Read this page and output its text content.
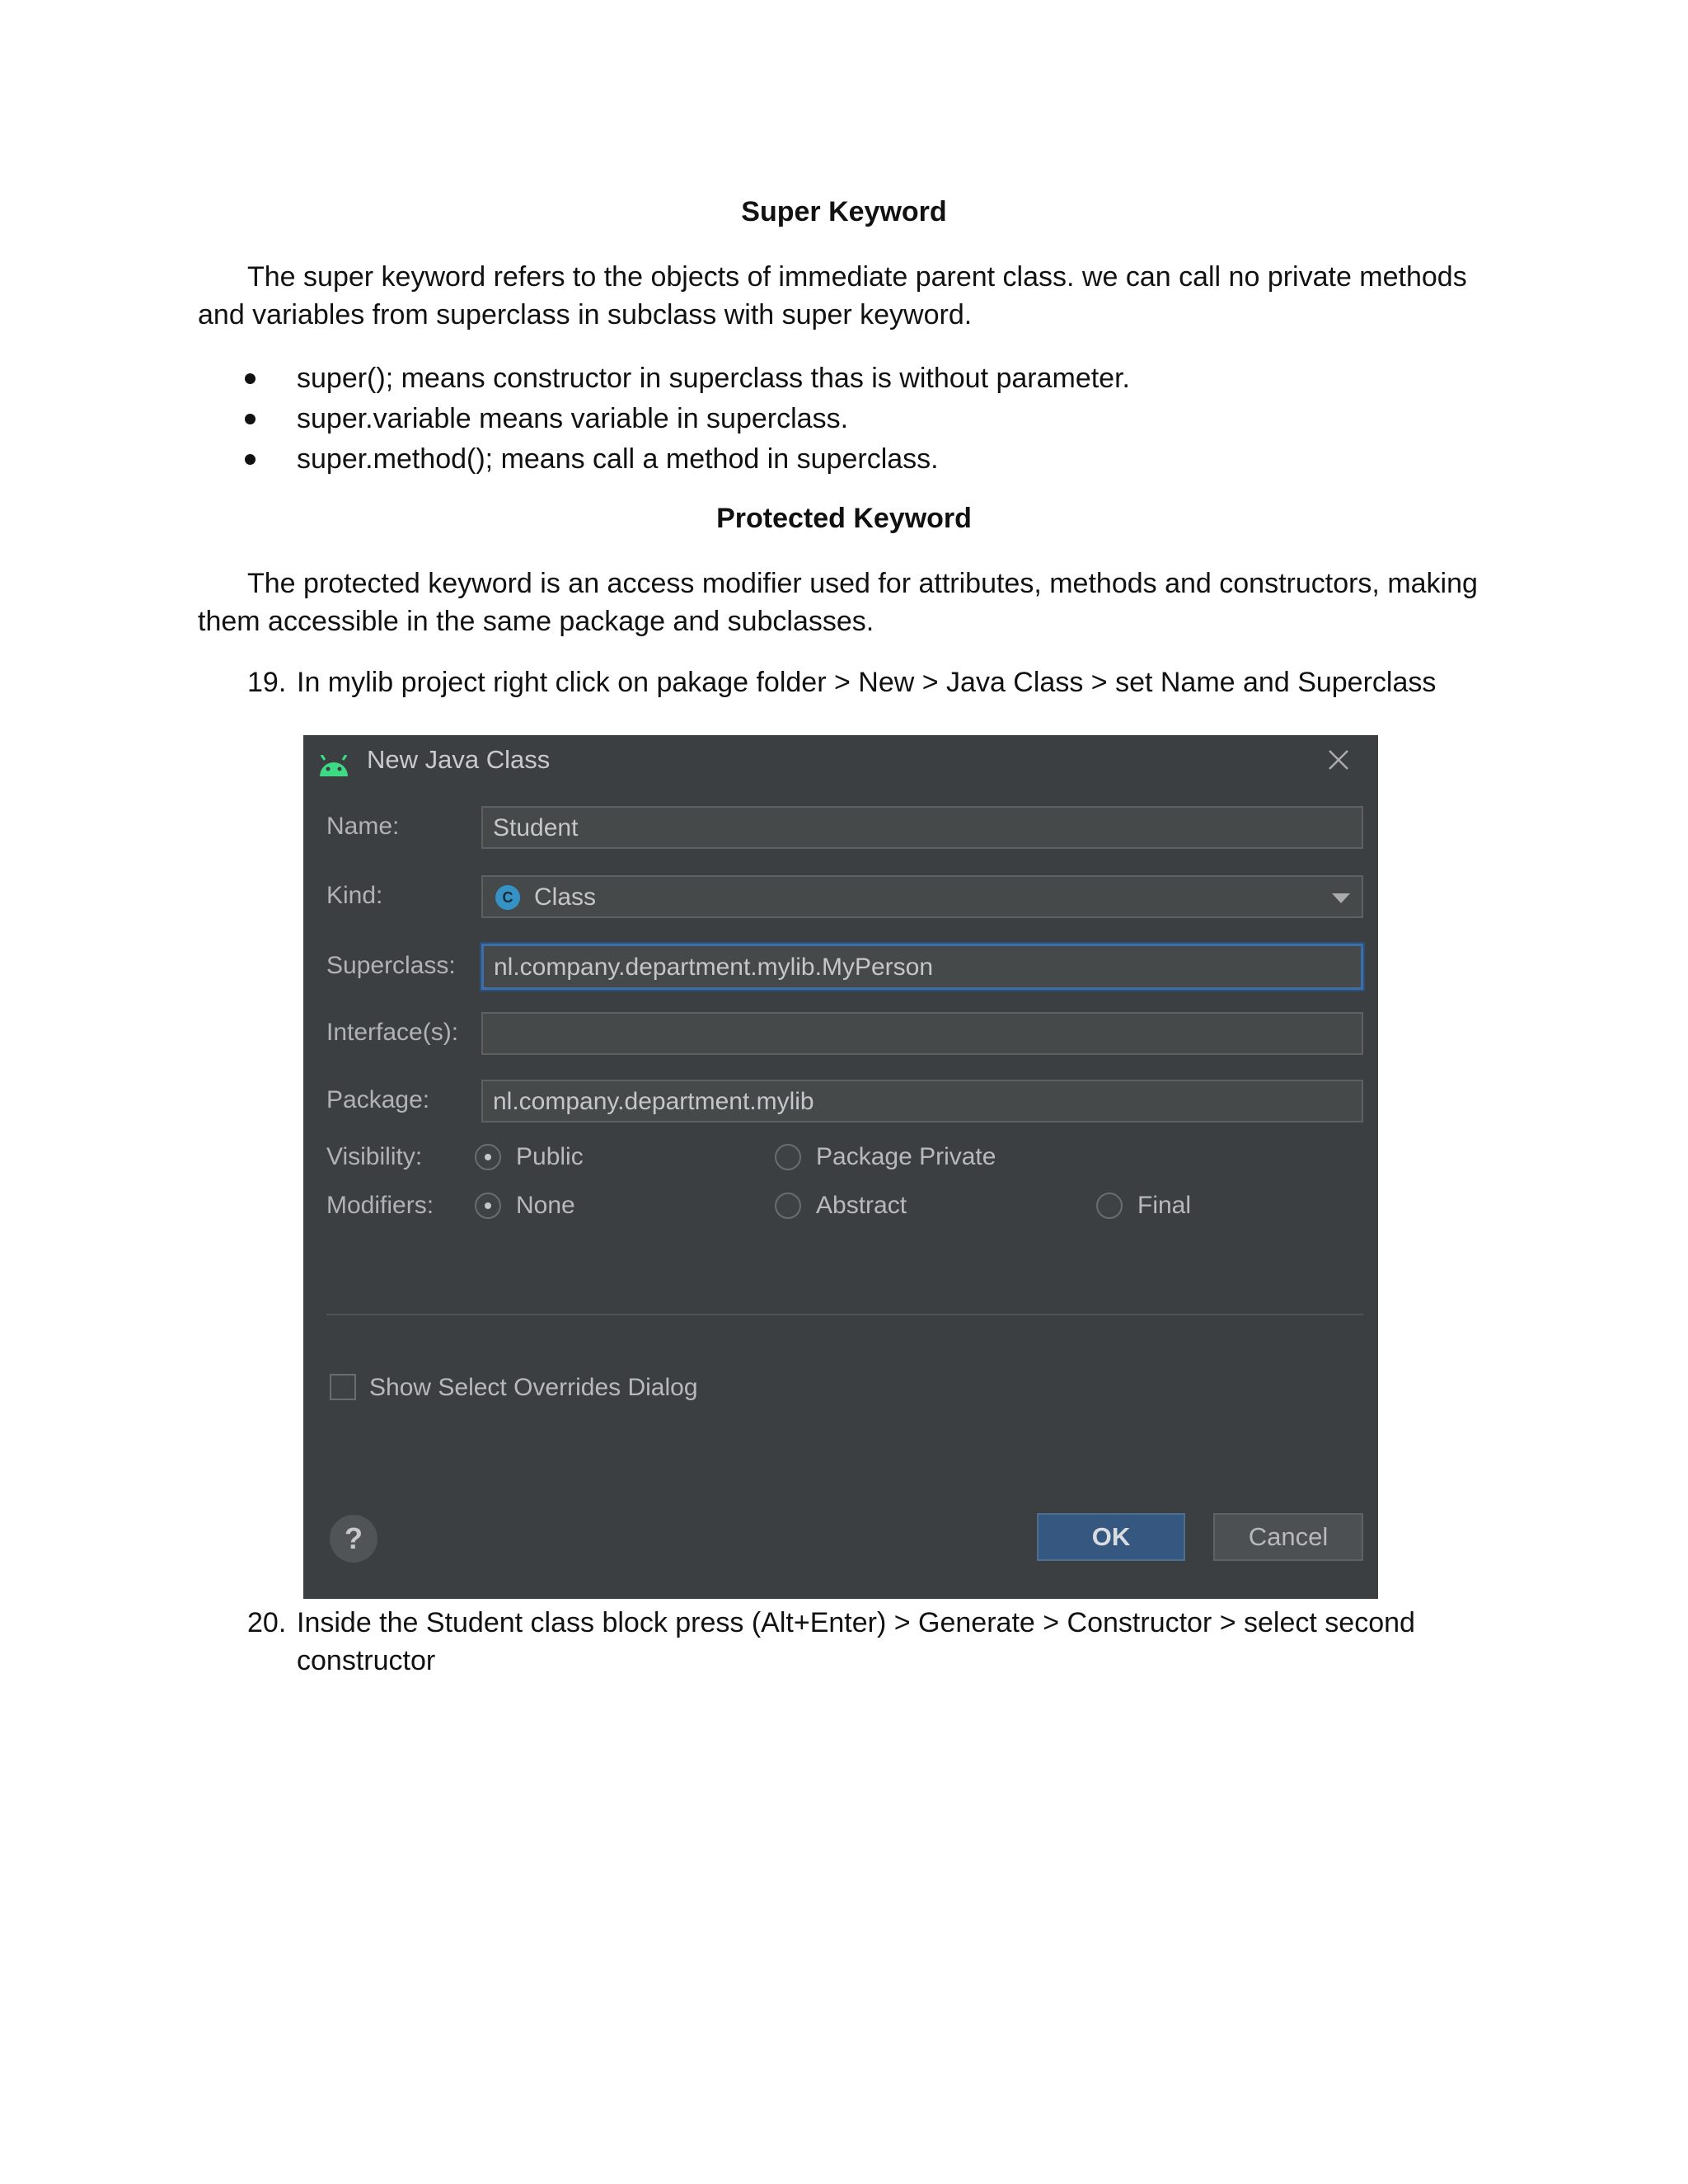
Super Keyword
The super keyword refers to the objects of immediate parent class. we can call no private methods
and variables from superclass in subclass with super keyword.
super(); means constructor in superclass thas is without parameter.
super.variable means variable in superclass.
super.method(); means call a method in superclass.
Protected Keyword
The protected keyword is an access modifier used for attributes, methods and constructors, making
them accessible in the same package and subclasses.
19. In mylib project right click on pakage folder > New > Java Class > set Name and Superclass
New Java Class
Name:	Student
Kind:	C Class
Superclass: nl.company.department.mylib.MyPerson
Interface(s):
Package:	nl.company.department.mylib
Visibility:	Public	Package Private
Modifiers:	None	Abstract	Final
Show Select Overrides Dialog
?	OK	Cancel
20. Inside the Student class block press (Alt+Enter) > Generate > Constructor > select second
constructor
